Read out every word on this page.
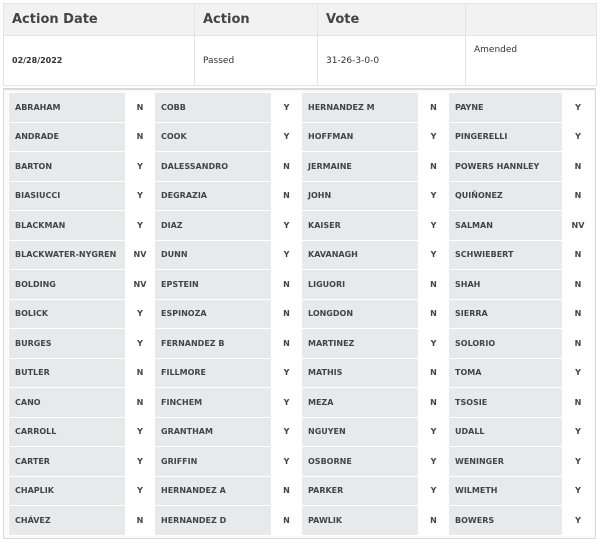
Action Date	Action	Vote	
02/28/2022	Passed	31-26-3-0-0	Amended
ABRAHAM	N	COBB	Y	HERNANDEZ M	N	PAYNE	Y
ANDRADE	N	COOK	Y	HOFFMAN	Y	PINGERELLI	Y
BARTON	Y	DALESSANDRO	N	JERMAINE	N	POWERS HANNLEY	N
BIASIUCCI	Y	DEGRAZIA	N	JOHN	Y	QUIÑONEZ	N
BLACKMAN	Y	DIAZ	Y	KAISER	Y	SALMAN	NV
BLACKWATER-NYGREN	NV	DUNN	Y	KAVANAGH	Y	SCHWIEBERT	N
BOLDING	NV	EPSTEIN	N	LIGUORI	N	SHAH	N
BOLICK	Y	ESPINOZA	N	LONGDON	N	SIERRA	N
BURGES	Y	FERNANDEZ B	N	MARTINEZ	Y	SOLORIO	N
BUTLER	N	FILLMORE	Y	MATHIS	N	TOMA	Y
CANO	N	FINCHEM	Y	MEZA	N	TSOSIE	N
CARROLL	Y	GRANTHAM	Y	NGUYEN	Y	UDALL	Y
CARTER	Y	GRIFFIN	Y	OSBORNE	Y	WENINGER	Y
CHAPLIK	Y	HERNANDEZ A	N	PARKER	Y	WILMETH	Y
CHÁVEZ	N	HERNANDEZ D	N	PAWLIK	N	BOWERS	Y
